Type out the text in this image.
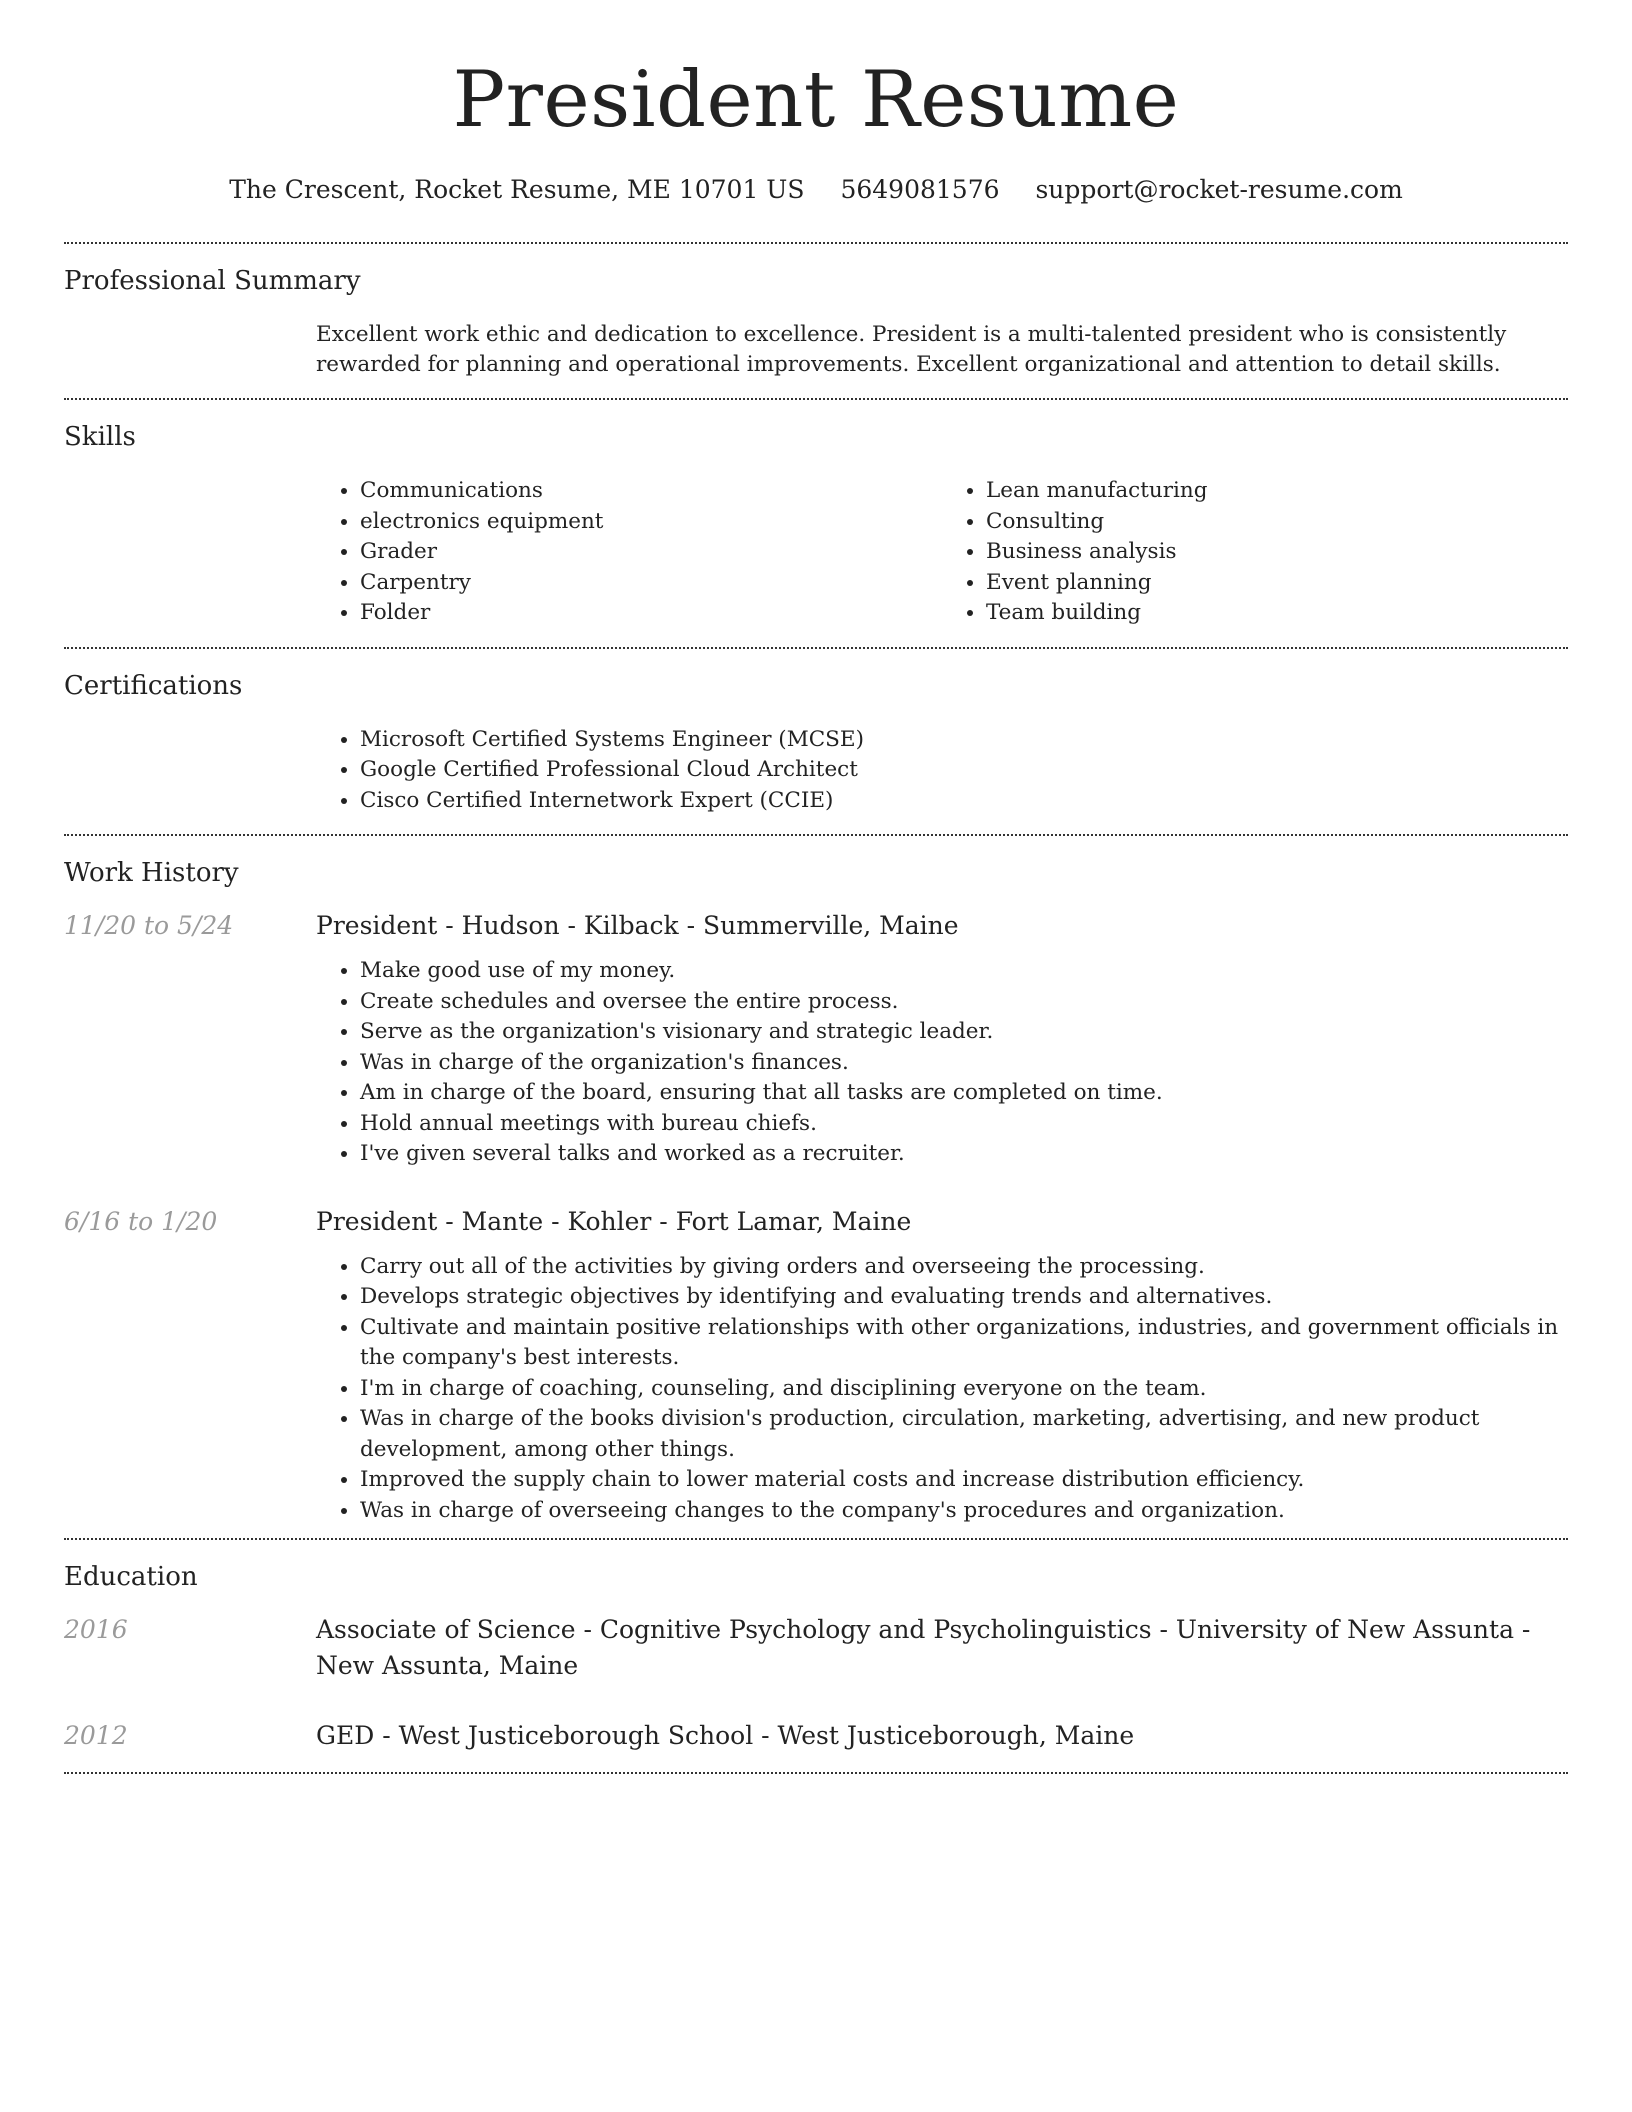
President Resume
The Crescent, Rocket Resume, ME 10701 US 5649081576 support@rocket-resume.com
Professional Summary

Excellent work ethic and dedication to excellence. President is a multi-talented president who is consistently rewarded for planning and operational improvements. Excellent organizational and attention to detail skills.

Skills
• Communications
• electronics equipment
• Grader
• Carpentry
• Folder
• Lean manufacturing
• Consulting
• Business analysis
• Event planning
• Team building
Certifications
• Microsoft Certified Systems Engineer (MCSE)
• Google Certified Professional Cloud Architect
• Cisco Certified Internetwork Expert (CCIE)
Work History
11/20 to 5/24	President - Hudson - Kilback - Summerville, Maine

• Make good use of my money.
• Create schedules and oversee the entire process.
• Serve as the organization's visionary and strategic leader.
• Was in charge of the organization's finances.
• Am in charge of the board, ensuring that all tasks are completed on time.
• Hold annual meetings with bureau chiefs.
• I've given several talks and worked as a recruiter.
6/16 to 1/20	President - Mante - Kohler - Fort Lamar, Maine

• Carry out all of the activities by giving orders and overseeing the processing.
• Develops strategic objectives by identifying and evaluating trends and alternatives.
• Cultivate and maintain positive relationships with other organizations, industries, and government officials in the company's best interests.
• I'm in charge of coaching, counseling, and disciplining everyone on the team.
• Was in charge of the books division's production, circulation, marketing, advertising, and new product development, among other things.
• Improved the supply chain to lower material costs and increase distribution efficiency.
• Was in charge of overseeing changes to the company's procedures and organization.
Education
2016	Associate of Science - Cognitive Psychology and Psycholinguistics - University of New Assunta - New Assunta, Maine

2012	GED - West Justiceborough School - West Justiceborough, Maine
